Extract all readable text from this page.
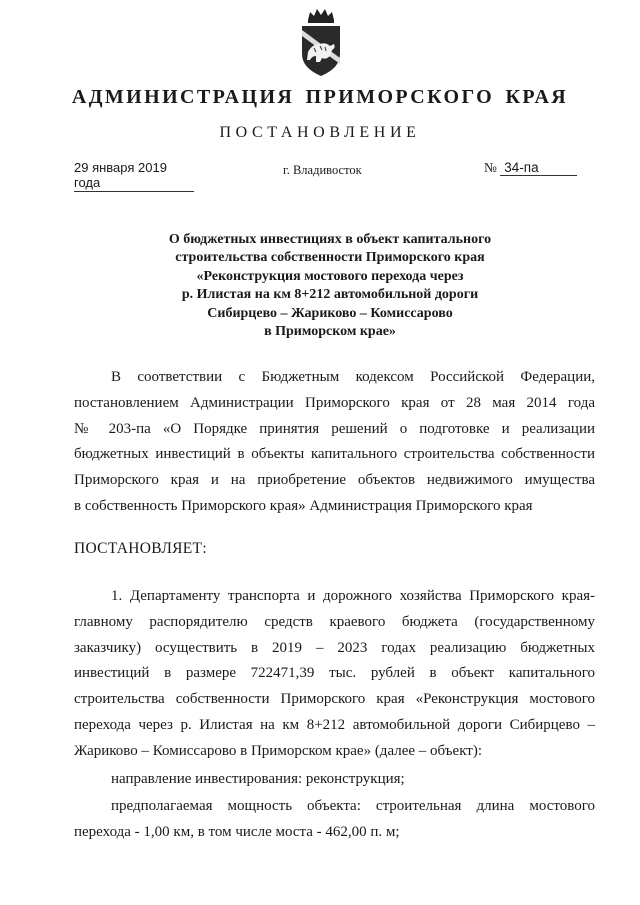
АДМИНИСТРАЦИЯ ПРИМОРСКОГО КРАЯ
ПОСТАНОВЛЕНИЕ
29 января 2019 года
г. Владивосток	№ 34-па
О бюджетных инвестициях в объект капитального
строительства собственности Приморского края
«Реконструкция мостового перехода через
р. Илистая на км 8+212 автомобильной дороги
Сибирцево – Жариково – Комиссарово
в Приморском крае»
В соответствии с Бюджетным кодексом Российской Федерации,
постановлением Администрации Приморского края от 28 мая 2014 года
№ 203-па «О Порядке принятия решений о подготовке и реализации
бюджетных инвестиций в объекты капитального строительства собственности
Приморского края и на приобретение объектов недвижимого имущества
в собственность Приморского края» Администрация Приморского края
ПОСТАНОВЛЯЕТ:
1. Департаменту транспорта и дорожного хозяйства Приморского края-
главному распорядителю средств краевого бюджета (государственному
заказчику) осуществить в 2019 – 2023 годах реализацию бюджетных
инвестиций в размере 722471,39 тыс. рублей в объект капитального
строительства собственности Приморского края «Реконструкция мостового
перехода через р. Илистая на км 8+212 автомобильной дороги Сибирцево –
Жариково – Комиссарово в Приморском крае» (далее – объект):
направление инвестирования: реконструкция;
предполагаемая мощность объекта: строительная длина мостового
перехода - 1,00 км, в том числе моста - 462,00 п. м;
